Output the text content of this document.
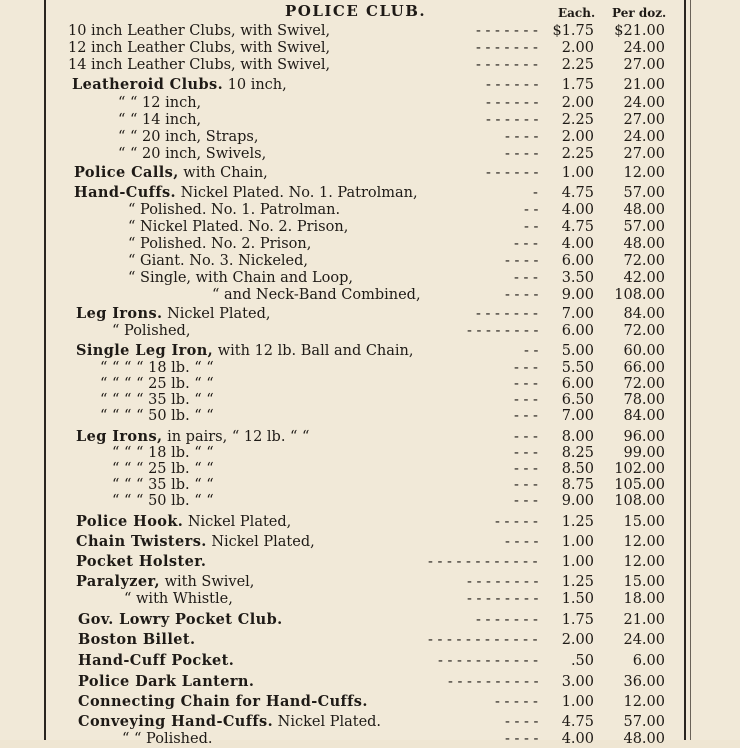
POLICE CLUB.	Each. Per doz.
10 inch Leather Clubs, with Swivel,	- - - - - - - $1.75 $21.00
12 inch Leather Clubs, with Swivel,	- - - - - - - 2.00 24.00
14 inch Leather Clubs, with Swivel,	- - - - - - - 2.25 27.00
Leatheroid Clubs. 10 inch,	- - - - - - 1.75 21.00
“ “ 12 inch,	- - - - - - 2.00 24.00
“ “ 14 inch,	- - - - - - 2.25 27.00
“ “ 20 inch, Straps,	- - - - 2.00 24.00
“ “ 20 inch, Swivels,	- - - - 2.25 27.00
Police Calls, with Chain,	- - - - - - 1.00 12.00
Hand-Cuffs. Nickel Plated. No. 1. Patrolman,	- 4.75 57.00
“ Polished. No. 1. Patrolman.	- - 4.00 48.00
“ Nickel Plated. No. 2. Prison,	- - 4.75 57.00
“ Polished. No. 2. Prison,	- - - 4.00 48.00
“ Giant. No. 3. Nickeled,	- - - - 6.00 72.00
“ Single, with Chain and Loop,	- - - 3.50 42.00
“ and Neck-Band Combined,	- - - - 9.00 108.00
Leg Irons. Nickel Plated,	- - - - - - - 7.00 84.00
“ Polished,	- - - - - - - - 6.00 72.00
Single Leg Iron, with 12 lb. Ball and Chain,	- - 5.00 60.00
“ “ “ “ 18 lb. “ “	- - - 5.50 66.00
“ “ “ “ 25 lb. “ “	- - - 6.00 72.00
“ “ “ “ 35 lb. “ “	- - - 6.50 78.00
“ “ “ “ 50 lb. “ “	- - - 7.00 84.00
Leg Irons, in pairs, “ 12 lb. “ “	- - - 8.00 96.00
“ “ “ 18 lb. “ “	- - - 8.25 99.00
“ “ “ 25 lb. “ “	- - - 8.50 102.00
“ “ “ 35 lb. “ “	- - - 8.75 105.00
“ “ “ 50 lb. “ “	- - - 9.00 108.00
Police Hook. Nickel Plated,	- - - - - 1.25 15.00
Chain Twisters. Nickel Plated,	- - - - 1.00 12.00
Pocket Holster.	- - - - - - - - - - - - 1.00 12.00
Paralyzer, with Swivel,	- - - - - - - - 1.25 15.00
“ with Whistle,	- - - - - - - - 1.50 18.00
Gov. Lowry Pocket Club.	- - - - - - - 1.75 21.00
Boston Billet.	- - - - - - - - - - - - 2.00 24.00
Hand-Cuff Pocket.	- - - - - - - - - - - .50	6.00
Police Dark Lantern.	- - - - - - - - - - 3.00 36.00
Connecting Chain for Hand-Cuffs.	- - - - - 1.00 12.00
Conveying Hand-Cuffs. Nickel Plated.	- - - - 4.75 57.00
“ “ Polished.	- - - - 4.00 48.00
